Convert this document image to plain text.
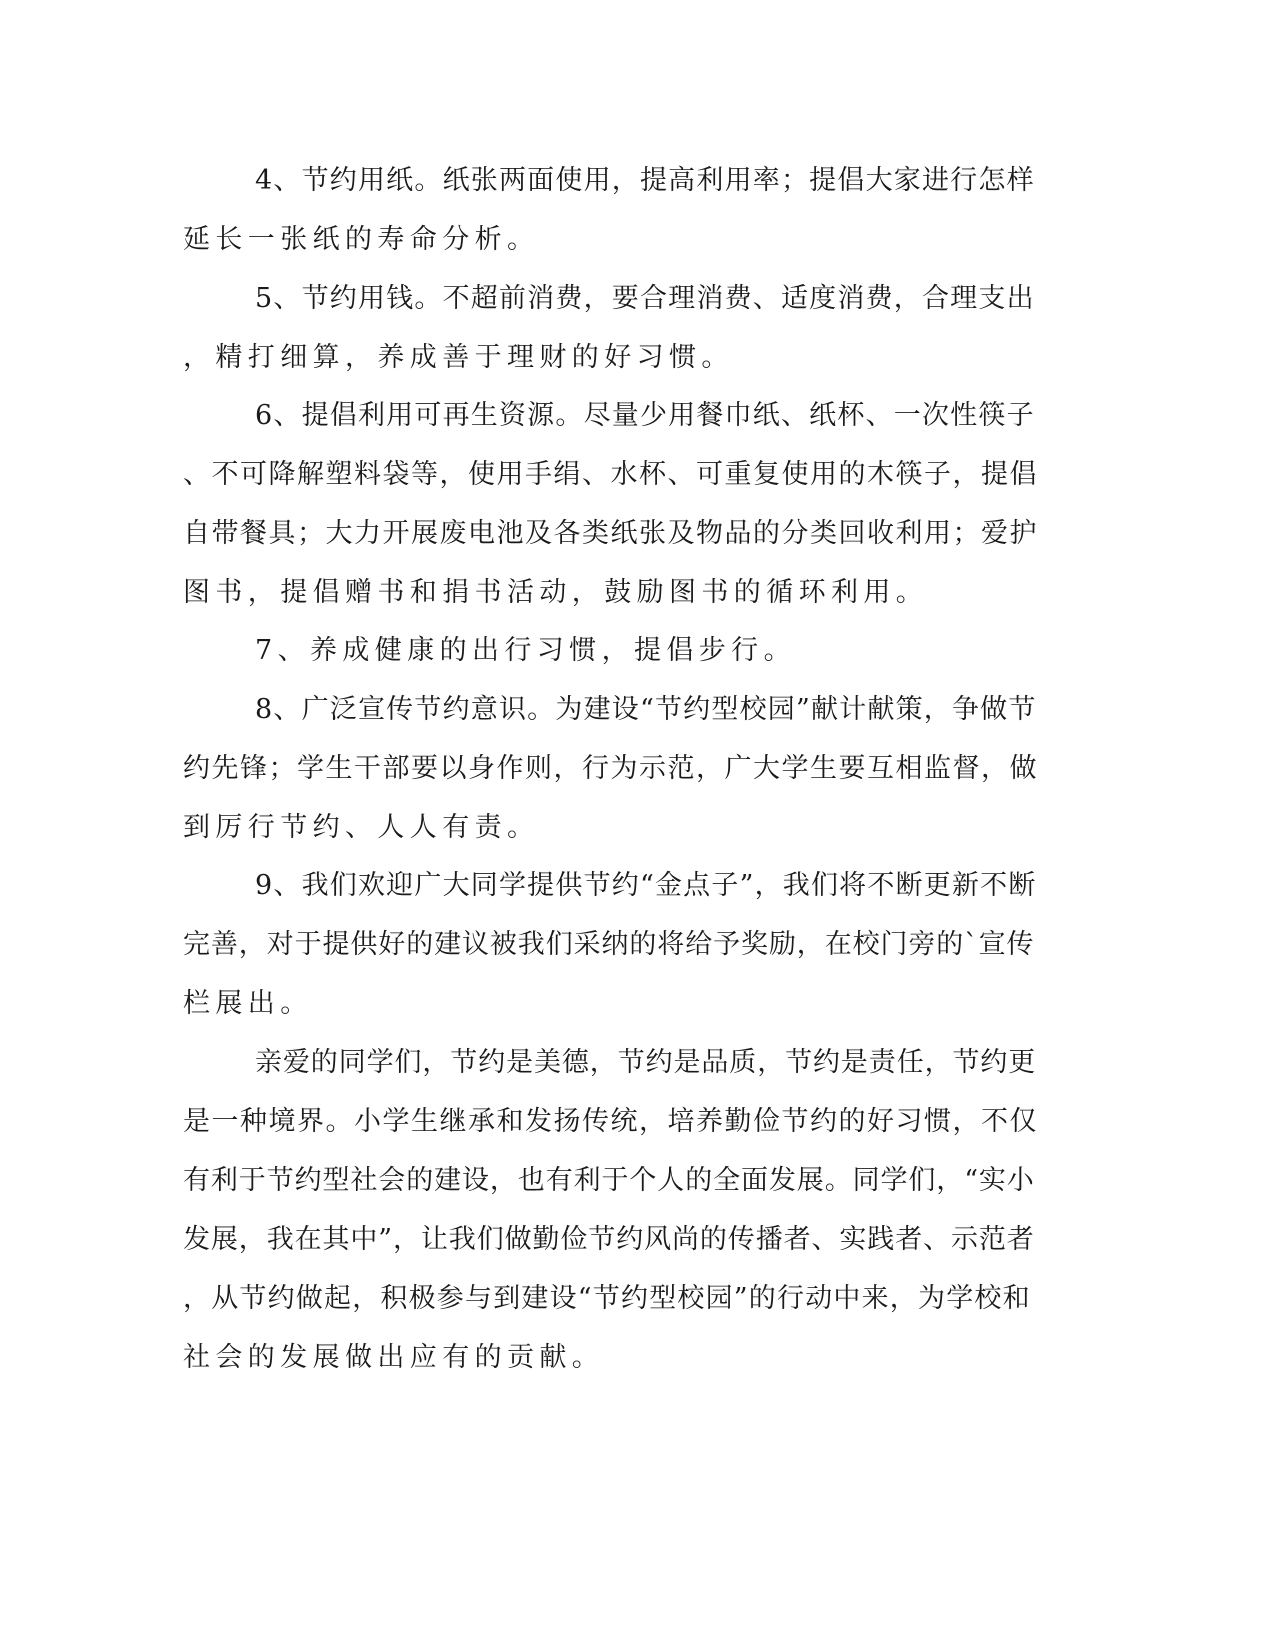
4、节约用纸。纸张两面使用，提高利用率；提倡大家进行怎样
延长一张纸的寿命分析。
5、节约用钱。不超前消费，要合理消费、适度消费，合理支出
，精打细算，养成善于理财的好习惯。
6、提倡利用可再生资源。尽量少用餐巾纸、纸杯、一次性筷子
、不可降解塑料袋等，使用手绢、水杯、可重复使用的木筷子，提倡
自带餐具；大力开展废电池及各类纸张及物品的分类回收利用；爱护
图书，提倡赠书和捐书活动，鼓励图书的循环利用。
7、养成健康的出行习惯，提倡步行。
8、广泛宣传节约意识。为建设“节约型校园”献计献策，争做节
约先锋；学生干部要以身作则，行为示范，广大学生要互相监督，做
到厉行节约、人人有责。
9、我们欢迎广大同学提供节约“金点子”，我们将不断更新不断
完善，对于提供好的建议被我们采纳的将给予奖励，在校门旁的`宣传
栏展出。
亲爱的同学们，节约是美德，节约是品质，节约是责任，节约更
是一种境界。小学生继承和发扬传统，培养勤俭节约的好习惯，不仅
有利于节约型社会的建设，也有利于个人的全面发展。同学们，“实小
发展，我在其中”，让我们做勤俭节约风尚的传播者、实践者、示范者
，从节约做起，积极参与到建设“节约型校园”的行动中来，为学校和
社会的发展做出应有的贡献。
